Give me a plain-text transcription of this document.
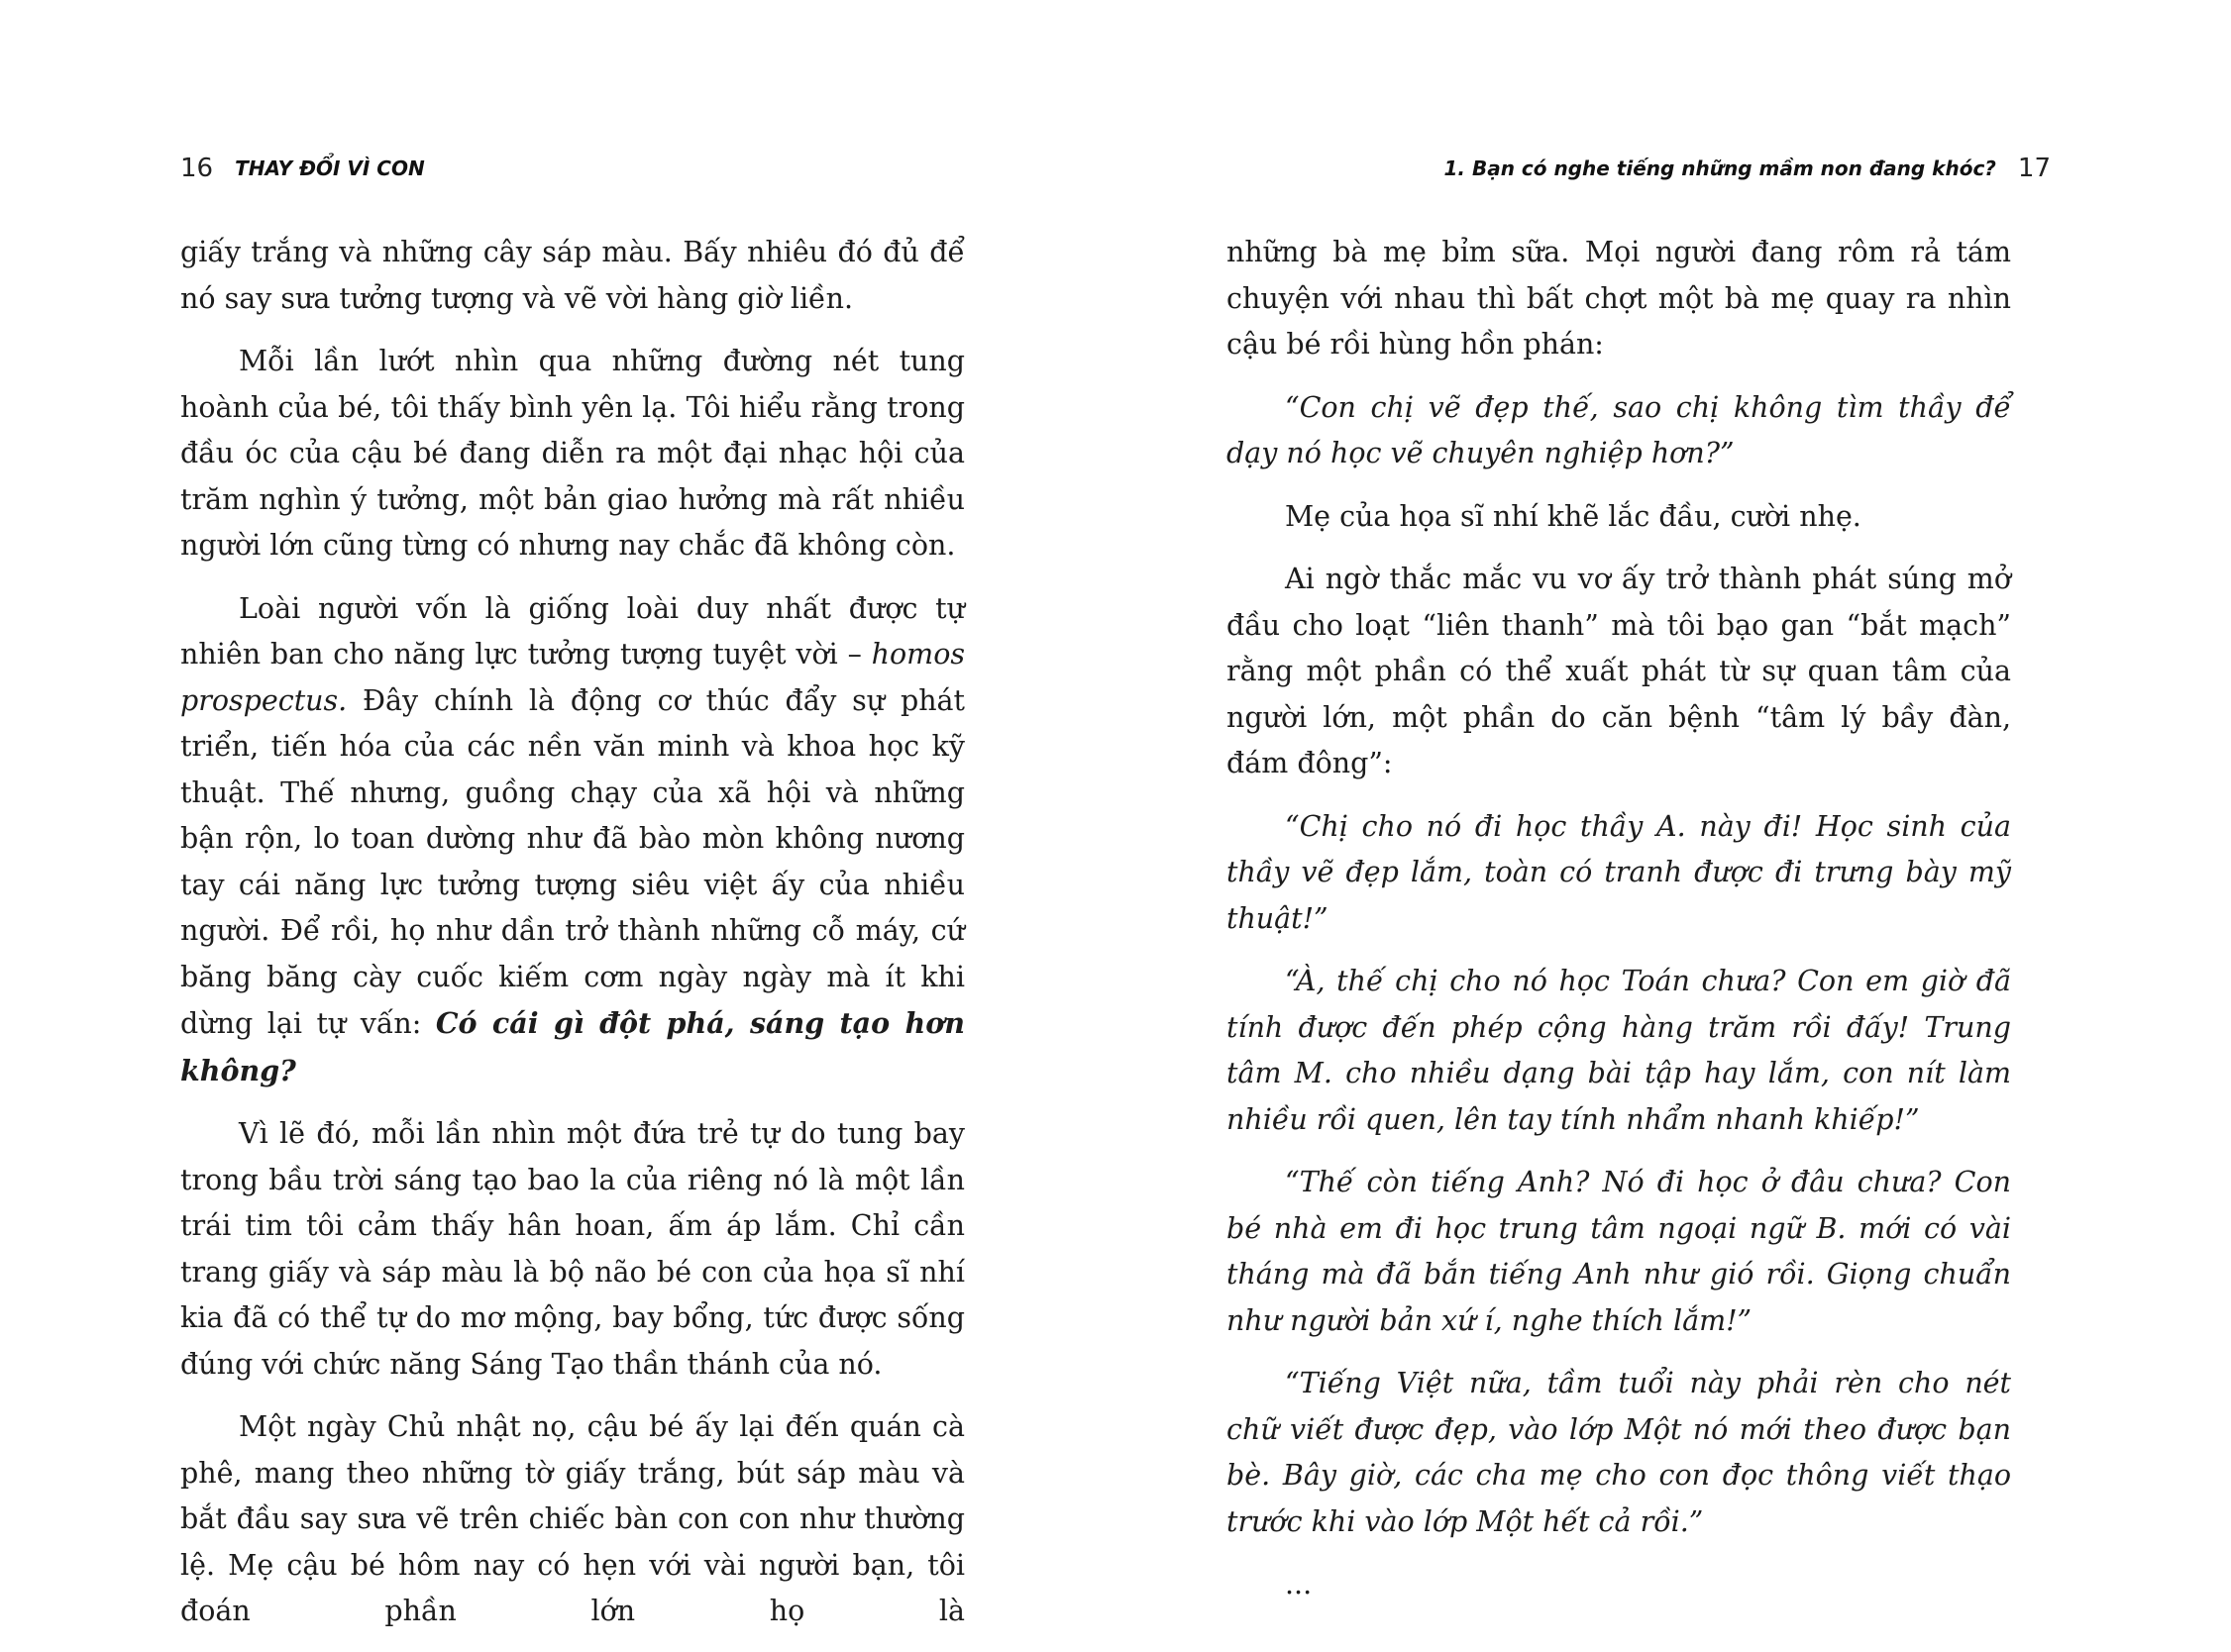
16 THAY ĐỔI VÌ CON

giấy trắng và những cây sáp màu. Bấy nhiêu đó đủ để nó say sưa tưởng tượng và vẽ vời hàng giờ liền.

Mỗi lần lướt nhìn qua những đường nét tung hoành của bé, tôi thấy bình yên lạ. Tôi hiểu rằng trong đầu óc của cậu bé đang diễn ra một đại nhạc hội của trăm nghìn ý tưởng, một bản giao hưởng mà rất nhiều người lớn cũng từng có nhưng nay chắc đã không còn.

Loài người vốn là giống loài duy nhất được tự nhiên ban cho năng lực tưởng tượng tuyệt vời – homos prospectus. Đây chính là động cơ thúc đẩy sự phát triển, tiến hóa của các nền văn minh và khoa học kỹ thuật. Thế nhưng, guồng chạy của xã hội và những bận rộn, lo toan dường như đã bào mòn không nương tay cái năng lực tưởng tượng siêu việt ấy của nhiều người. Để rồi, họ như dần trở thành những cỗ máy, cứ băng băng cày cuốc kiếm cơm ngày ngày mà ít khi dừng lại tự vấn: Có cái gì đột phá, sáng tạo hơn không?

Vì lẽ đó, mỗi lần nhìn một đứa trẻ tự do tung bay trong bầu trời sáng tạo bao la của riêng nó là một lần trái tim tôi cảm thấy hân hoan, ấm áp lắm. Chỉ cần trang giấy và sáp màu là bộ não bé con của họa sĩ nhí kia đã có thể tự do mơ mộng, bay bổng, tức được sống đúng với chức năng Sáng Tạo thần thánh của nó.

Một ngày Chủ nhật nọ, cậu bé ấy lại đến quán cà phê, mang theo những tờ giấy trắng, bút sáp màu và bắt đầu say sưa vẽ trên chiếc bàn con con như thường lệ. Mẹ cậu bé hôm nay có hẹn với vài người bạn, tôi đoán phần lớn họ là

1. Bạn có nghe tiếng những mầm non đang khóc? 17

những bà mẹ bỉm sữa. Mọi người đang rôm rả tám chuyện với nhau thì bất chợt một bà mẹ quay ra nhìn cậu bé rồi hùng hồn phán:

“Con chị vẽ đẹp thế, sao chị không tìm thầy để dạy nó học vẽ chuyên nghiệp hơn?”

Mẹ của họa sĩ nhí khẽ lắc đầu, cười nhẹ.

Ai ngờ thắc mắc vu vơ ấy trở thành phát súng mở đầu cho loạt “liên thanh” mà tôi bạo gan “bắt mạch” rằng một phần có thể xuất phát từ sự quan tâm của người lớn, một phần do căn bệnh “tâm lý bầy đàn, đám đông”:

“Chị cho nó đi học thầy A. này đi! Học sinh của thầy vẽ đẹp lắm, toàn có tranh được đi trưng bày mỹ thuật!”

“À, thế chị cho nó học Toán chưa? Con em giờ đã tính được đến phép cộng hàng trăm rồi đấy! Trung tâm M. cho nhiều dạng bài tập hay lắm, con nít làm nhiều rồi quen, lên tay tính nhẩm nhanh khiếp!”

“Thế còn tiếng Anh? Nó đi học ở đâu chưa? Con bé nhà em đi học trung tâm ngoại ngữ B. mới có vài tháng mà đã bắn tiếng Anh như gió rồi. Giọng chuẩn như người bản xứ í, nghe thích lắm!”

“Tiếng Việt nữa, tầm tuổi này phải rèn cho nét chữ viết được đẹp, vào lớp Một nó mới theo được bạn bè. Bây giờ, các cha mẹ cho con đọc thông viết thạo trước khi vào lớp Một hết cả rồi.”

...
